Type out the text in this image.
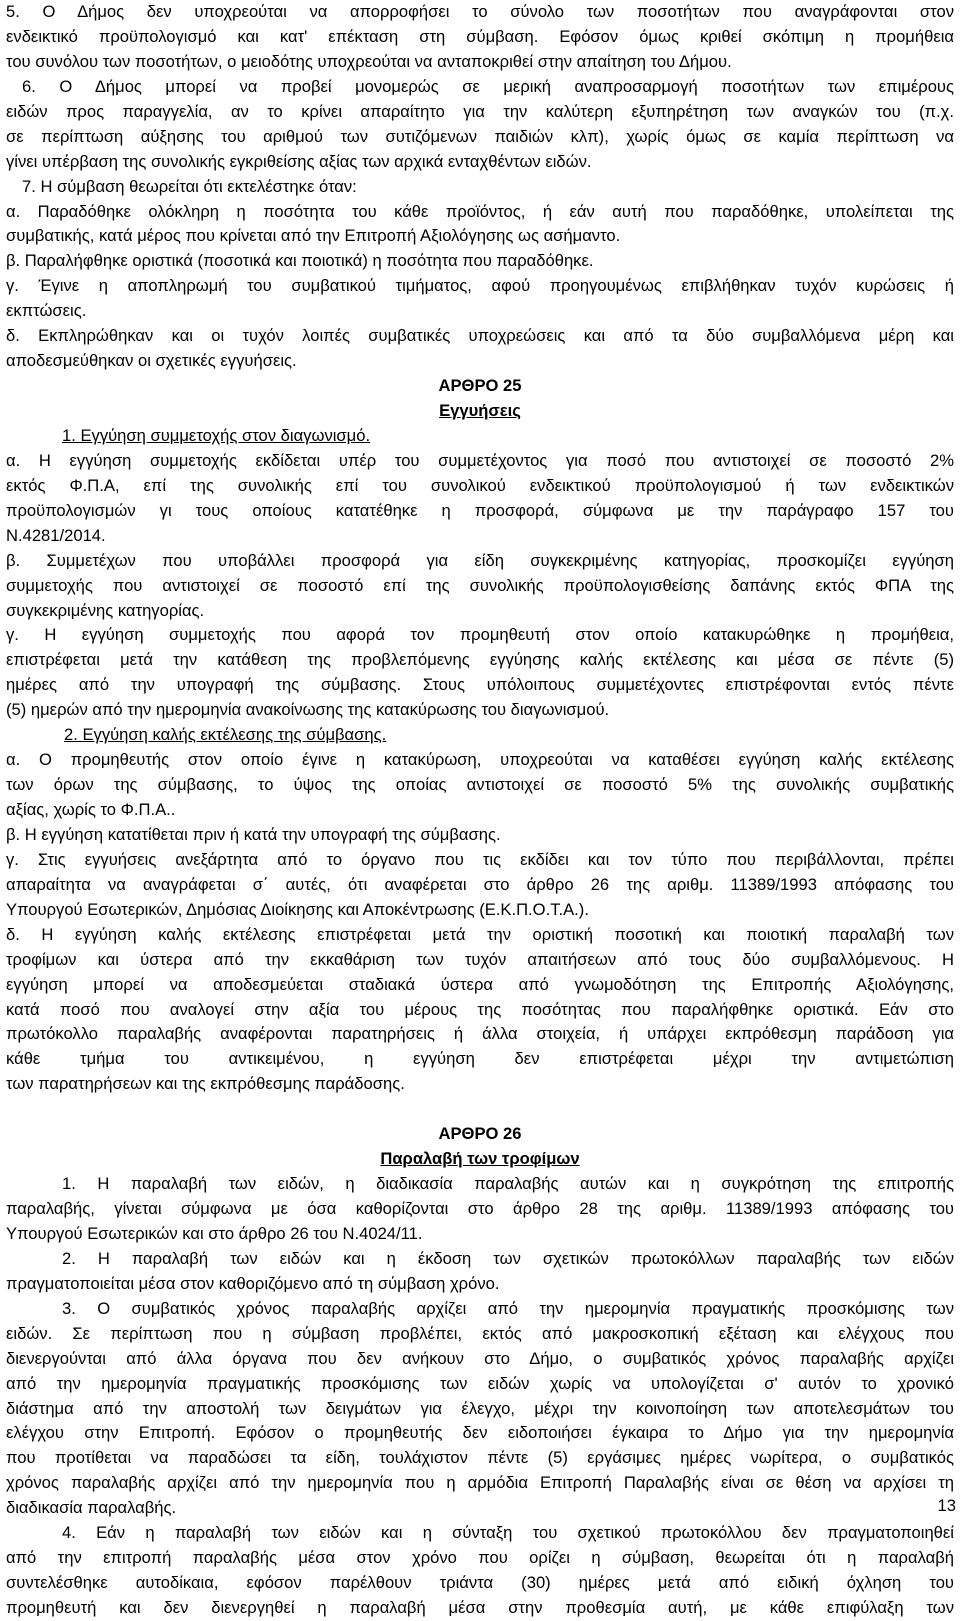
5. Ο Δήμος δεν υποχρεούται να απορροφήσει το σύνολο των ποσοτήτων που αναγράφονται στον
ενδεικτικό προϋπολογισμό και κατ' επέκταση στη σύμβαση. Εφόσον όμως κριθεί σκόπιμη η προμήθεια
του συνόλου των ποσοτήτων, ο μειοδότης υποχρεούται να ανταποκριθεί στην απαίτηση του Δήμου.
6. Ο Δήμος μπορεί να προβεί μονομερώς σε μερική αναπροσαρμογή ποσοτήτων των επιμέρους
ειδών προς παραγγελία, αν το κρίνει απαραίτητο για την καλύτερη εξυπηρέτηση των αναγκών του (π.χ.
σε περίπτωση αύξησης του αριθμού των συτιζόμενων παιδιών κλπ), χωρίς όμως σε καμία περίπτωση να
γίνει υπέρβαση της συνολικής εγκριθείσης αξίας των αρχικά ενταχθέντων ειδών.
7. Η σύμβαση θεωρείται ότι εκτελέστηκε όταν:
α. Παραδόθηκε ολόκληρη η ποσότητα του κάθε προϊόντος, ή εάν αυτή που παραδόθηκε, υπολείπεται της
συμβατικής, κατά μέρος που κρίνεται από την Επιτροπή Αξιολόγησης ως ασήμαντο.
β. Παραλήφθηκε οριστικά (ποσοτικά και ποιοτικά) η ποσότητα που παραδόθηκε.
γ. Έγινε η αποπληρωμή του συμβατικού τιμήματος, αφού προηγουμένως επιβλήθηκαν τυχόν κυρώσεις ή
εκπτώσεις.
δ. Εκπληρώθηκαν και οι τυχόν λοιπές συμβατικές υποχρεώσεις και από τα δύο συμβαλλόμενα μέρη και
αποδεσμεύθηκαν οι σχετικές εγγυήσεις.
ΑΡΘΡΟ 25
Εγγυήσεις
1. Εγγύηση συμμετοχής στον διαγωνισμό.
α. Η εγγύηση συμμετοχής εκδίδεται υπέρ του συμμετέχοντος για ποσό που αντιστοιχεί σε ποσοστό 2%
εκτός Φ.Π.Α, επί της συνολικής επί του συνολικού ενδεικτικού προϋπολογισμού ή των ενδεικτικών
προϋπολογισμών γι τους οποίους κατατέθηκε η προσφορά, σύμφωνα με την παράγραφο 157 του
Ν.4281/2014.
β. Συμμετέχων που υποβάλλει προσφορά για είδη συγκεκριμένης κατηγορίας, προσκομίζει εγγύηση
συμμετοχής που αντιστοιχεί σε ποσοστό επί της συνολικής προϋπολογισθείσης δαπάνης εκτός ΦΠΑ της
συγκεκριμένης κατηγορίας.
γ. Η εγγύηση συμμετοχής που αφορά τον προμηθευτή στον οποίο κατακυρώθηκε η προμήθεια,
επιστρέφεται μετά την κατάθεση της προβλεπόμενης εγγύησης καλής εκτέλεσης και μέσα σε πέντε (5)
ημέρες από την υπογραφή της σύμβασης. Στους υπόλοιπους συμμετέχοντες επιστρέφονται εντός πέντε
(5) ημερών από την ημερομηνία ανακοίνωσης της κατακύρωσης του διαγωνισμού.
2. Εγγύηση καλής εκτέλεσης της σύμβασης.
α. Ο προμηθευτής στον οποίο έγινε η κατακύρωση, υποχρεούται να καταθέσει εγγύηση καλής εκτέλεσης
των όρων της σύμβασης, το ύψος της οποίας αντιστοιχεί σε ποσοστό 5% της συνολικής συμβατικής
αξίας, χωρίς το Φ.Π.Α..
β. Η εγγύηση κατατίθεται πριν ή κατά την υπογραφή της σύμβασης.
γ. Στις εγγυήσεις ανεξάρτητα από το όργανο που τις εκδίδει και τον τύπο που περιβάλλονται, πρέπει
απαραίτητα να αναγράφεται σ΄ αυτές, ότι αναφέρεται στο άρθρο 26 της αριθμ. 11389/1993 απόφασης του
Υπουργού Εσωτερικών, Δημόσιας Διοίκησης και Αποκέντρωσης (Ε.Κ.Π.Ο.Τ.Α.).
δ. Η εγγύηση καλής εκτέλεσης επιστρέφεται μετά την οριστική ποσοτική και ποιοτική παραλαβή των
τροφίμων και ύστερα από την εκκαθάριση των τυχόν απαιτήσεων από τους δύο συμβαλλόμενους. Η
εγγύηση μπορεί να αποδεσμεύεται σταδιακά ύστερα από γνωμοδότηση της Επιτροπής Αξιολόγησης,
κατά ποσό που αναλογεί στην αξία του μέρους της ποσότητας που παραλήφθηκε οριστικά. Εάν στο
πρωτόκολλο παραλαβής αναφέρονται παρατηρήσεις ή άλλα στοιχεία, ή υπάρχει εκπρόθεσμη παράδοση για
κάθε τμήμα του αντικειμένου, η εγγύηση δεν επιστρέφεται μέχρι την αντιμετώπιση
των παρατηρήσεων και της εκπρόθεσμης παράδοσης.
ΑΡΘΡΟ 26
Παραλαβή των τροφίμων
1. Η παραλαβή των ειδών, η διαδικασία παραλαβής αυτών και η συγκρότηση της επιτροπής
παραλαβής, γίνεται σύμφωνα με όσα καθορίζονται στο άρθρο 28 της αριθμ. 11389/1993 απόφασης του
Υπουργού Εσωτερικών και στο άρθρο 26 του Ν.4024/11.
2. Η παραλαβή των ειδών και η έκδοση των σχετικών πρωτοκόλλων παραλαβής των ειδών
πραγματοποιείται μέσα στον καθοριζόμενο από τη σύμβαση χρόνο.
3. Ο συμβατικός χρόνος παραλαβής αρχίζει από την ημερομηνία πραγματικής προσκόμισης των
ειδών. Σε περίπτωση που η σύμβαση προβλέπει, εκτός από μακροσκοπική εξέταση και ελέγχους που
διενεργούνται από άλλα όργανα που δεν ανήκουν στο Δήμο, ο συμβατικός χρόνος παραλαβής αρχίζει
από την ημερομηνία πραγματικής προσκόμισης των ειδών χωρίς να υπολογίζεται σ' αυτόν το χρονικό
διάστημα από την αποστολή των δειγμάτων για έλεγχο, μέχρι την κοινοποίηση των αποτελεσμάτων του
ελέγχου στην Επιτροπή. Εφόσον ο προμηθευτής δεν ειδοποιήσει έγκαιρα το Δήμο για την ημερομηνία
που προτίθεται να παραδώσει τα είδη, τουλάχιστον πέντε (5) εργάσιμες ημέρες νωρίτερα, ο συμβατικός
χρόνος παραλαβής αρχίζει από την ημερομηνία που η αρμόδια Επιτροπή Παραλαβής είναι σε θέση να αρχίσει τη
διαδικασία παραλαβής.
4. Εάν η παραλαβή των ειδών και η σύνταξη του σχετικού πρωτοκόλλου δεν πραγματοποιηθεί
από την επιτροπή παραλαβής μέσα στον χρόνο που ορίζει η σύμβαση, θεωρείται ότι η παραλαβή
συντελέσθηκε αυτοδίκαια, εφόσον παρέλθουν τριάντα (30) ημέρες μετά από ειδική όχληση του
προμηθευτή και δεν διενεργηθεί η παραλαβή μέσα στην προθεσμία αυτή, με κάθε επιφύλαξη των
13
